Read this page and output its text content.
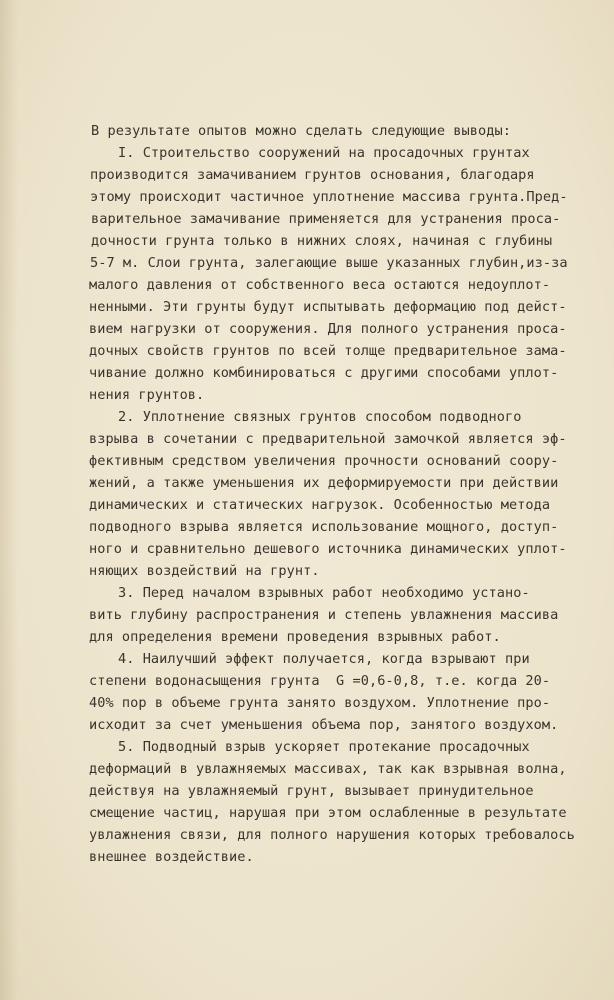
В результате опытов можно сделать следующие выводы:
I. Строительство сооружений на просадочных грунтах
производится замачиванием грунтов основания, благодаря
этому происходит частичное уплотнение массива грунта.Пред-
варительное замачивание применяется для устранения проса-
дочности грунта только в нижних слоях, начиная с глубины
5-7 м. Слои грунта, залегающие выше указанных глубин,из-за
малого давления от собственного веса остаются недоуплот-
ненными. Эти грунты будут испытывать деформацию под дейст-
вием нагрузки от сооружения. Для полного устранения проса-
дочных свойств грунтов по всей толще предварительное зама-
чивание должно комбинироваться с другими способами уплот-
нения грунтов.
2. Уплотнение связных грунтов способом подводного
взрыва в сочетании с предварительной замочкой является эф-
фективным средством увеличения прочности оснований соору-
жений, а также уменьшения их деформируемости при действии
динамических и статических нагрузок. Особенностью метода
подводного взрыва является использование мощного, доступ-
ного и сравнительно дешевого источника динамических уплот-
няющих воздействий на грунт.
3. Перед началом взрывных работ необходимо устано-
вить глубину распространения и степень увлажнения массива
для определения времени проведения взрывных работ.
4. Наилучший эффект получается, когда взрывают при
степени водонасыщения грунта  G =0,6-0,8, т.е. когда 20-
40% пор в объеме грунта занято воздухом. Уплотнение про-
исходит за счет уменьшения объема пор, занятого воздухом.
5. Подводный взрыв ускоряет протекание просадочных
деформаций в увлажняемых массивах, так как взрывная волна,
действуя на увлажняемый грунт, вызывает принудительное
смещение частиц, нарушая при этом ослабленные в результате
увлажнения связи, для полного нарушения которых требовалось
внешнее воздействие.
